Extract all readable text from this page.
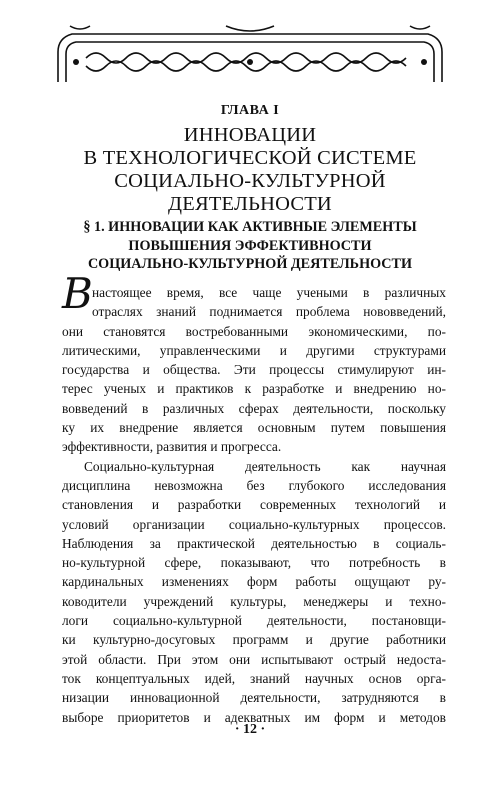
ГЛАВА I
ИННОВАЦИИ
В ТЕХНОЛОГИЧЕСКОЙ СИСТЕМЕ
СОЦИАЛЬНО-КУЛЬТУРНОЙ
ДЕЯТЕЛЬНОСТИ
§ 1. ИННОВАЦИИ КАК АКТИВНЫЕ ЭЛЕМЕНТЫ
ПОВЫШЕНИЯ ЭФФЕКТИВНОСТИ
СОЦИАЛЬНО-КУЛЬТУРНОЙ ДЕЯТЕЛЬНОСТИ
В настоящее время, все чаще учеными в различных
отраслях знаний поднимается проблема нововведений,
они становятся востребованными экономическими, по-
литическими, управленческими и другими структурами
государства и общества. Эти процессы стимулируют ин-
терес ученых и практиков к разработке и внедрению но-
вовведений в различных сферах деятельности, поскольку
ку их внедрение является основным путем повышения
эффективности, развития и прогресса.
Социально-культурная деятельность как научная
дисциплина невозможна без глубокого исследования
становления и разработки современных технологий и
условий организации социально-культурных процессов.
Наблюдения за практической деятельностью в социаль-
но-культурной сфере, показывают, что потребность в
кардинальных изменениях форм работы ощущают ру-
ководители учреждений культуры, менеджеры и техно-
логи социально-культурной деятельности, постановщи-
ки культурно-досуговых программ и другие работники
этой области. При этом они испытывают острый недоста-
ток концептуальных идей, знаний научных основ орга-
низации инновационной деятельности, затрудняются в
выборе приоритетов и адекватных им форм и методов
· 12 ·
